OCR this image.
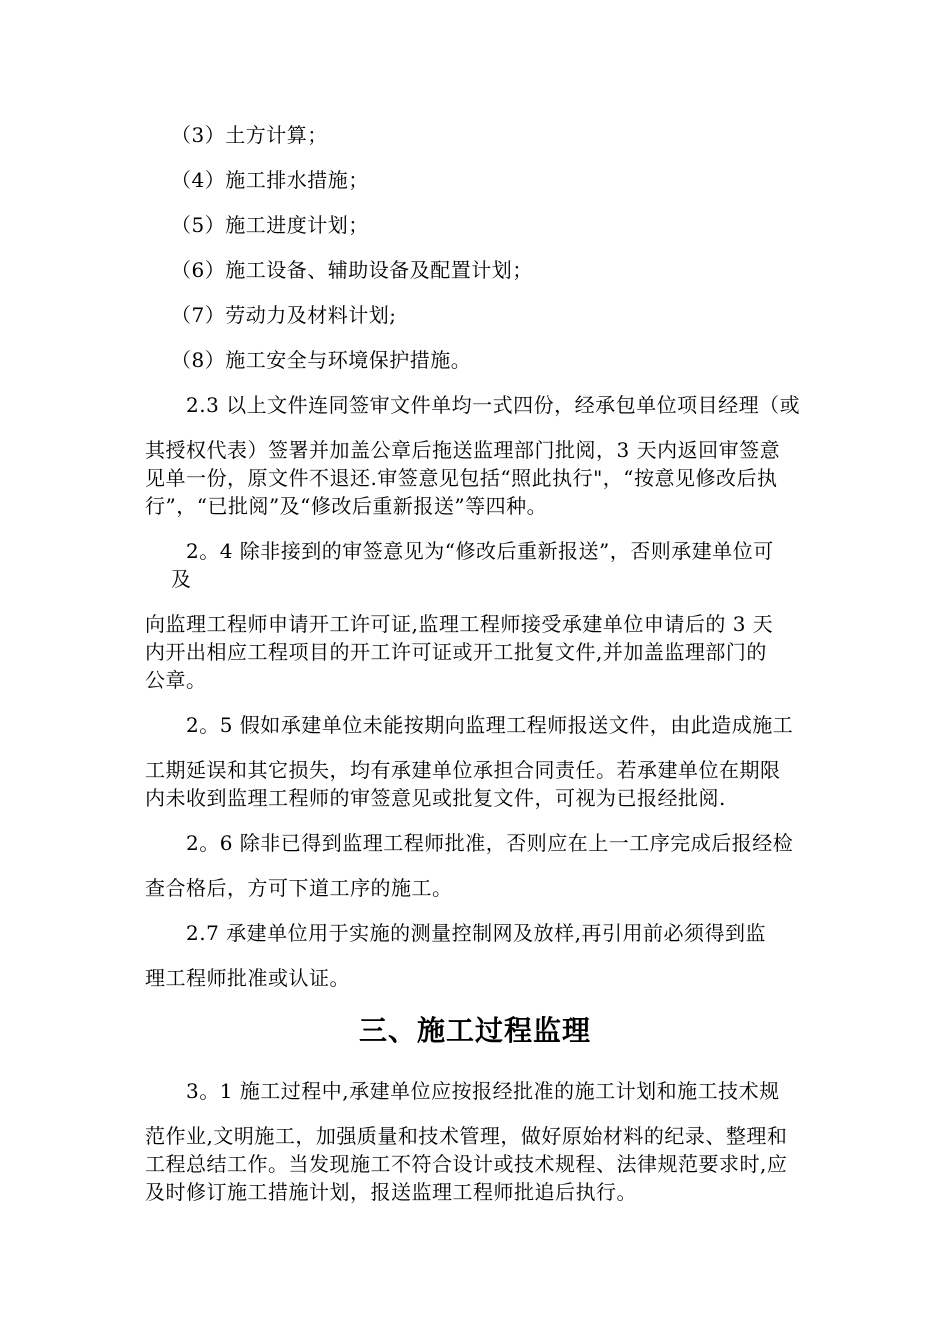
（3）土方计算；
（4）施工排水措施；
（5）施工进度计划；
（6）施工设备、辅助设备及配置计划；
（7）劳动力及材料计划;
（8）施工安全与环境保护措施。
2.3 以上文件连同签审文件单均一式四份，经承包单位项目经理（或
其授权代表）签署并加盖公章后拖送监理部门批阅，3 天内返回审签意
见单一份，原文件不退还.审签意见包括“照此执行"，“按意见修改后执
行”，“已批阅”及“修改后重新报送”等四种。
2。4 除非接到的审签意见为“修改后重新报送”，否则承建单位可
及
向监理工程师申请开工许可证,监理工程师接受承建单位申请后的 3 天
内开出相应工程项目的开工许可证或开工批复文件,并加盖监理部门的
公章。
2。5 假如承建单位未能按期向监理工程师报送文件，由此造成施工
工期延误和其它损失，均有承建单位承担合同责任。若承建单位在期限
内未收到监理工程师的审签意见或批复文件，可视为已报经批阅.
2。6 除非已得到监理工程师批准，否则应在上一工序完成后报经检
查合格后，方可下道工序的施工。
2.7 承建单位用于实施的测量控制网及放样,再引用前必须得到监
理工程师批准或认证。
三、施工过程监理
3。1 施工过程中,承建单位应按报经批准的施工计划和施工技术规
范作业,文明施工，加强质量和技术管理，做好原始材料的纪录、整理和
工程总结工作。当发现施工不符合设计或技术规程、法律规范要求时,应
及时修订施工措施计划，报送监理工程师批追后执行。
